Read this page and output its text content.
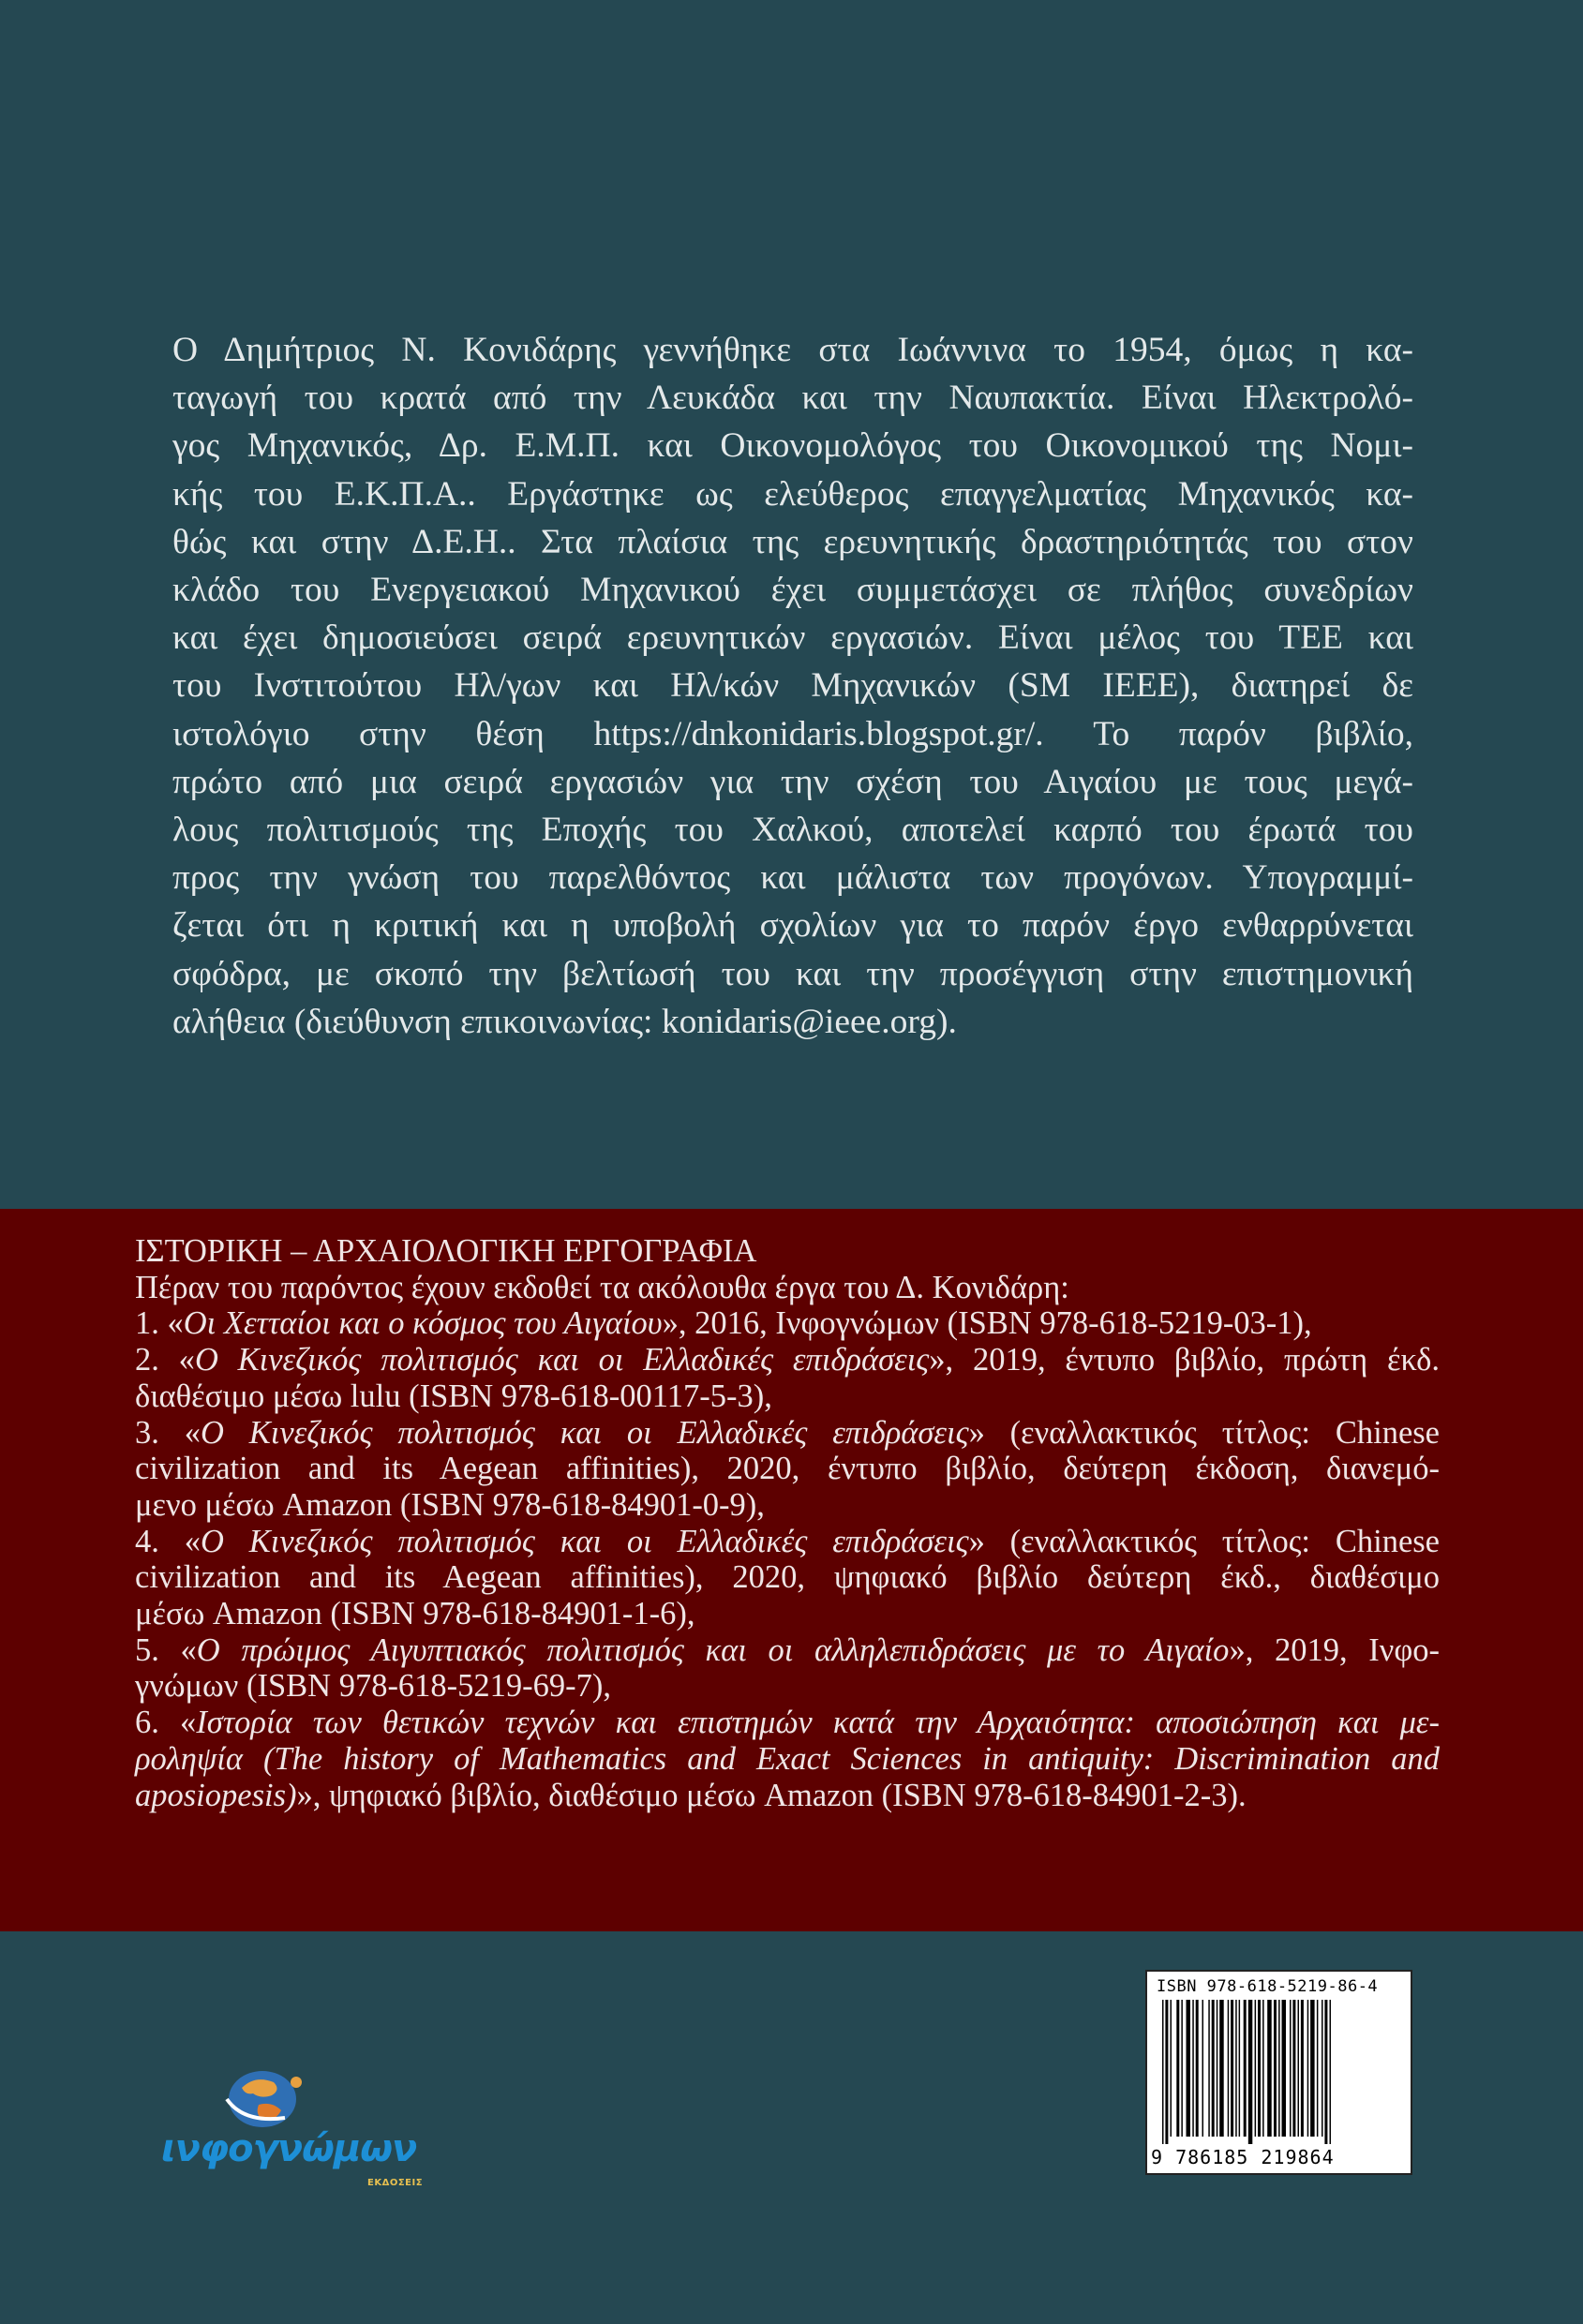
Ο Δημήτριος Ν. Κονιδάρης γεννήθηκε στα Ιωάννινα το 1954, όμως η κα-
ταγωγή του κρατά από την Λευκάδα και την Ναυπακτία. Είναι Ηλεκτρολό-
γος Μηχανικός, Δρ. Ε.Μ.Π. και Οικονομολόγος του Οικονομικού της Νομι-
κής του Ε.Κ.Π.Α.. Εργάστηκε ως ελεύθερος επαγγελματίας Μηχανικός κα-
θώς και στην Δ.Ε.Η.. Στα πλαίσια της ερευνητικής δραστηριότητάς του στον
κλάδο του Ενεργειακού Μηχανικού έχει συμμετάσχει σε πλήθος συνεδρίων
και έχει δημοσιεύσει σειρά ερευνητικών εργασιών. Είναι μέλος του ΤΕΕ και
του Ινστιτούτου Ηλ/γων και Ηλ/κών Μηχανικών (SM IEEE), διατηρεί δε
ιστολόγιο στην θέση https://dnkonidaris.blogspot.gr/. Το παρόν βιβλίο,
πρώτο από μια σειρά εργασιών για την σχέση του Αιγαίου με τους μεγά-
λους πολιτισμούς της Εποχής του Χαλκού, αποτελεί καρπό του έρωτά του
προς την γνώση του παρελθόντος και μάλιστα των προγόνων. Υπογραμμί-
ζεται ότι η κριτική και η υποβολή σχολίων για το παρόν έργο ενθαρρύνεται
σφόδρα, με σκοπό την βελτίωσή του και την προσέγγιση στην επιστημονική
αλήθεια (διεύθυνση επικοινωνίας: konidaris@ieee.org).
ΙΣΤΟΡΙΚΗ – ΑΡΧΑΙΟΛΟΓΙΚΗ ΕΡΓΟΓΡΑΦΙΑ
Πέραν του παρόντος έχουν εκδοθεί τα ακόλουθα έργα του Δ. Κονιδάρη:
1. «Οι Χετταίοι και ο κόσμος του Αιγαίου», 2016, Ινφογνώμων (ISBN 978-618-5219-03-1),
2. «Ο Κινεζικός πολιτισμός και οι Ελλαδικές επιδράσεις», 2019, έντυπο βιβλίο, πρώτη έκδ.
διαθέσιμο μέσω lulu (ISBN 978-618-00117-5-3),
3. «Ο Κινεζικός πολιτισμός και οι Ελλαδικές επιδράσεις» (εναλλακτικός τίτλος: Chinese
civilization and its Aegean affinities), 2020, έντυπο βιβλίο, δεύτερη έκδοση, διανεμό-
μενο μέσω Amazon (ISBN 978-618-84901-0-9),
4. «Ο Κινεζικός πολιτισμός και οι Ελλαδικές επιδράσεις» (εναλλακτικός τίτλος: Chinese
civilization and its Aegean affinities), 2020, ψηφιακό βιβλίο δεύτερη έκδ., διαθέσιμο
μέσω Amazon (ISBN 978-618-84901-1-6),
5. «Ο πρώιμος Αιγυπτιακός πολιτισμός και οι αλληλεπιδράσεις με το Αιγαίο», 2019, Ινφο-
γνώμων (ISBN 978-618-5219-69-7),
6. «Ιστορία των θετικών τεχνών και επιστημών κατά την Αρχαιότητα: αποσιώπηση και με-
ροληψία (The history of Mathematics and Exact Sciences in antiquity: Discrimination and
aposiopesis)», ψηφιακό βιβλίο, διαθέσιμο μέσω Amazon (ISBN 978-618-84901-2-3).
ISBN 978-618-5219-86-4
9 786185 219864
ινφογνώμων
ΕΚΔΟΣΕΙΣ
